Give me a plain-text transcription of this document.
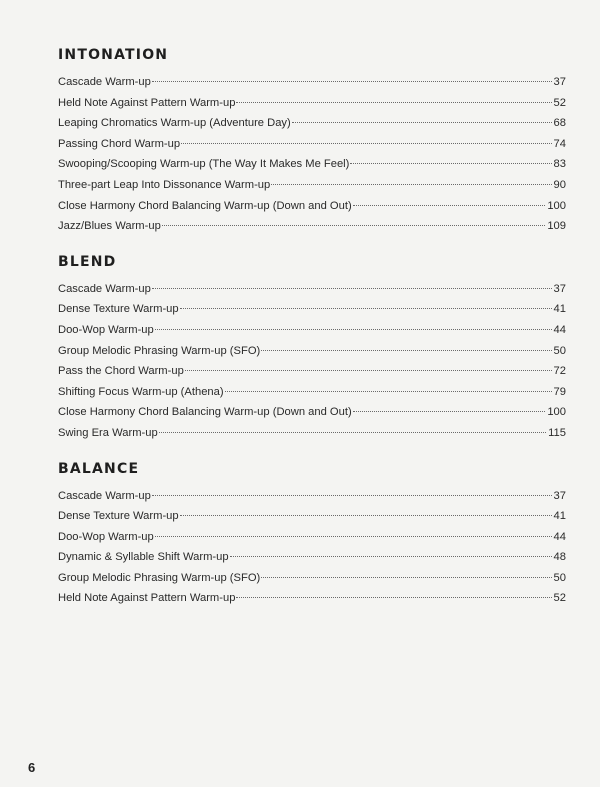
INTONATION
Cascade Warm-up	37
Held Note Against Pattern Warm-up	52
Leaping Chromatics Warm-up (Adventure Day)	68
Passing Chord Warm-up	74
Swooping/Scooping Warm-up (The Way It Makes Me Feel)	83
Three-part Leap Into Dissonance Warm-up	90
Close Harmony Chord Balancing Warm-up (Down and Out)	100
Jazz/Blues Warm-up	109
BLEND
Cascade Warm-up	37
Dense Texture Warm-up	41
Doo-Wop Warm-up	44
Group Melodic Phrasing Warm-up (SFO)	50
Pass the Chord Warm-up	72
Shifting Focus Warm-up (Athena)	79
Close Harmony Chord Balancing Warm-up (Down and Out)	100
Swing Era Warm-up	115
BALANCE
Cascade Warm-up	37
Dense Texture Warm-up	41
Doo-Wop Warm-up	44
Dynamic & Syllable Shift Warm-up	48
Group Melodic Phrasing Warm-up (SFO)	50
Held Note Against Pattern Warm-up	52
6
